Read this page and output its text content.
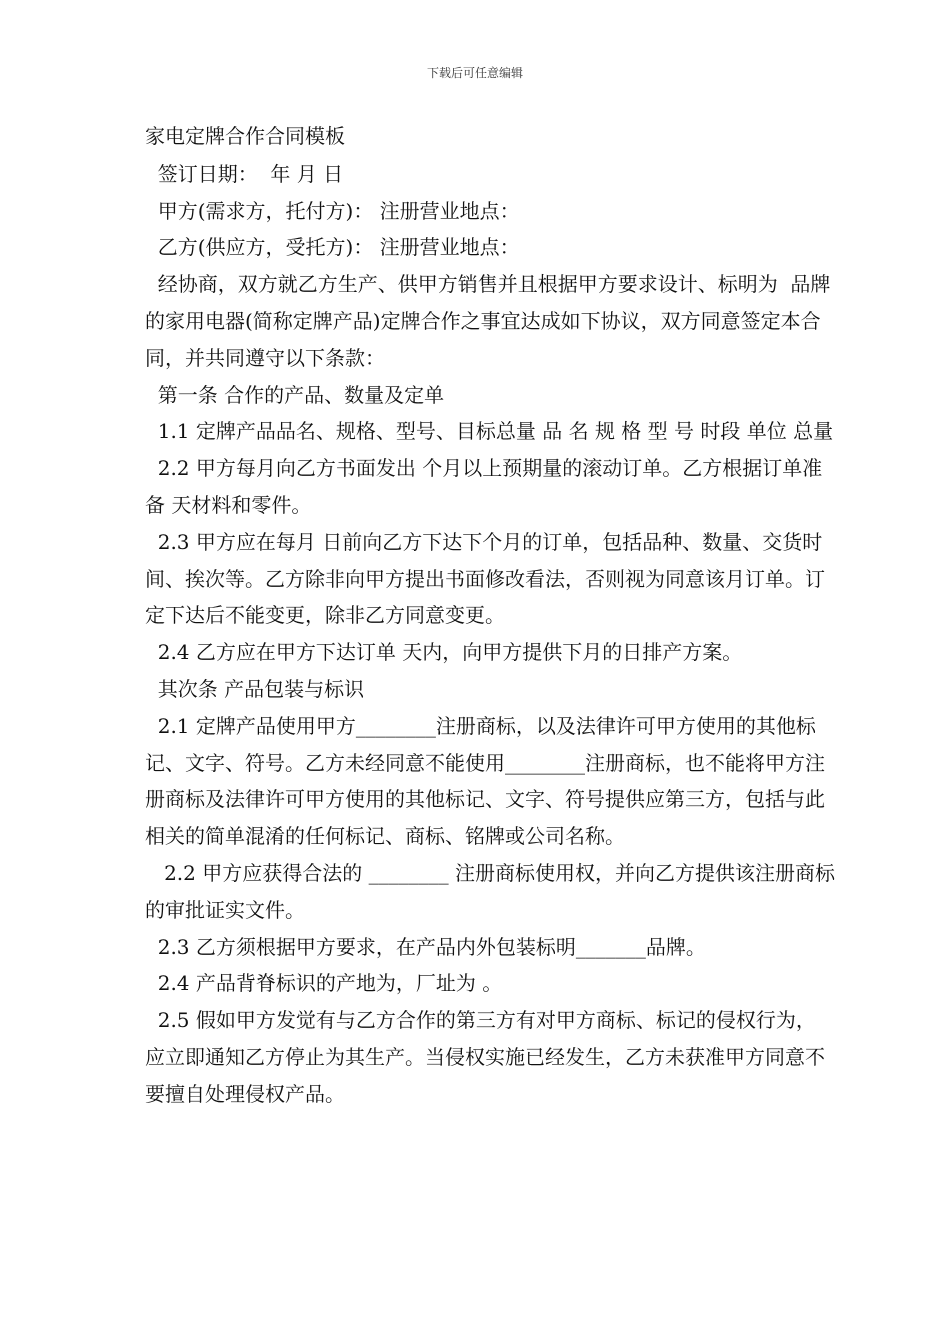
下载后可任意编辑

家电定牌合作合同模板

签订日期：  年 月 日

甲方(需求方，托付方)： 注册营业地点：

乙方(供应方，受托方)： 注册营业地点：

经协商，双方就乙方生产、供甲方销售并且根据甲方要求设计、标明为  品牌的家用电器(简称定牌产品)定牌合作之事宜达成如下协议，双方同意签定本合同，并共同遵守以下条款：

第一条 合作的产品、数量及定单

1.1 定牌产品品名、规格、型号、目标总量 品 名 规 格 型 号 时段 单位 总量

2.2 甲方每月向乙方书面发出 个月以上预期量的滚动订单。乙方根据订单准备 天材料和零件。

2.3 甲方应在每月 日前向乙方下达下个月的订单，包括品种、数量、交货时间、挨次等。乙方除非向甲方提出书面修改看法，否则视为同意该月订单。订定下达后不能变更，除非乙方同意变更。

2.4 乙方应在甲方下达订单 天内，向甲方提供下月的日排产方案。

其次条 产品包装与标识

2.1 定牌产品使用甲方________注册商标，以及法律许可甲方使用的其他标记、文字、符号。乙方未经同意不能使用________注册商标，也不能将甲方注册商标及法律许可甲方使用的其他标记、文字、符号提供应第三方，包括与此相关的简单混淆的任何标记、商标、铭牌或公司名称。

2.2 甲方应获得合法的 ________ 注册商标使用权，并向乙方提供该注册商标的审批证实文件。

2.3 乙方须根据甲方要求，在产品内外包装标明_______品牌。

2.4 产品背脊标识的产地为，厂址为 。

2.5 假如甲方发觉有与乙方合作的第三方有对甲方商标、标记的侵权行为，应立即通知乙方停止为其生产。当侵权实施已经发生，乙方未获准甲方同意不要擅自处理侵权产品。
